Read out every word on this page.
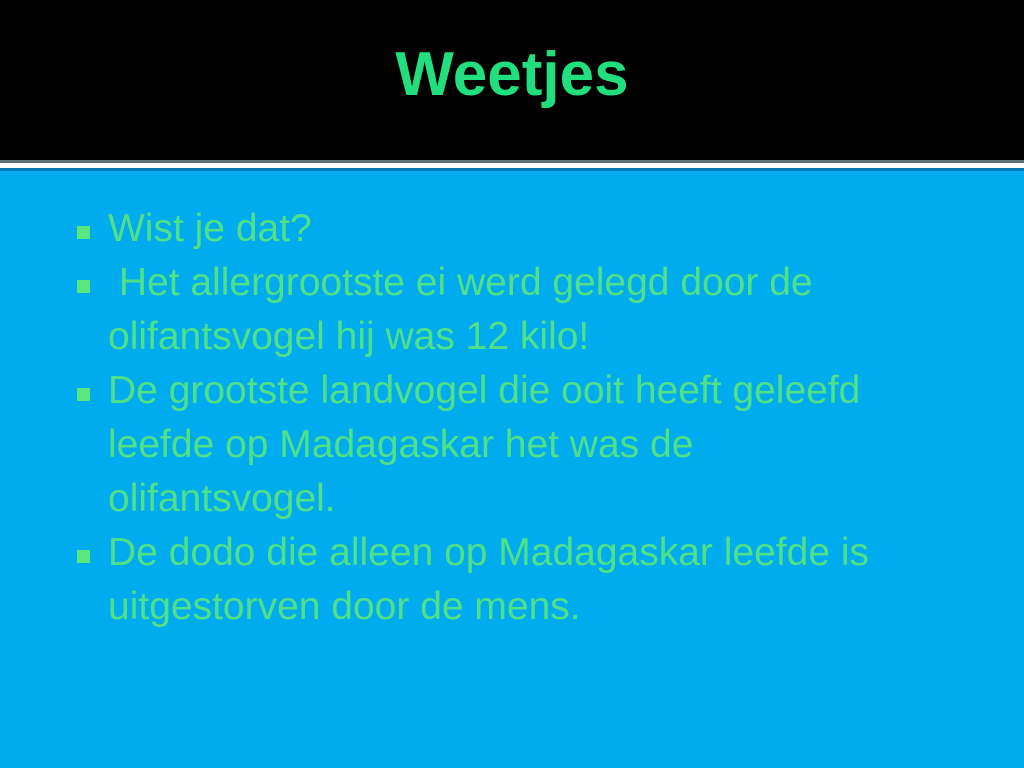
Weetjes
Wist je dat?
Het allergrootste ei werd gelegd door de
olifantsvogel hij was 12 kilo!
De grootste landvogel die ooit heeft geleefd
leefde op Madagaskar het was de
olifantsvogel.
De dodo die alleen op Madagaskar leefde is
uitgestorven door de mens.
